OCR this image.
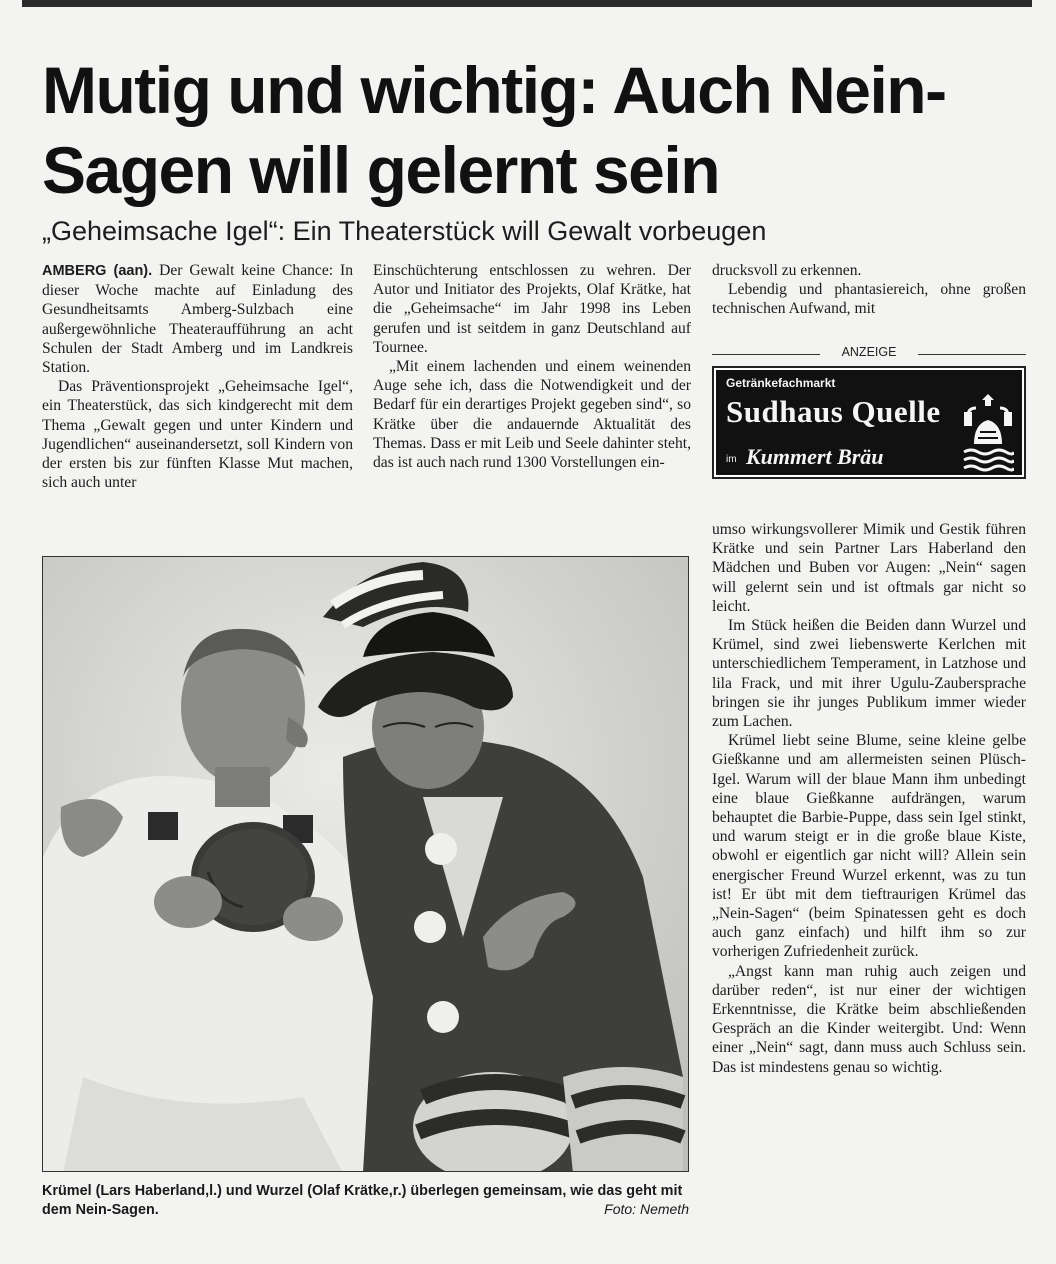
Mutig und wichtig: Auch Nein-Sagen will gelernt sein
„Geheimsache Igel“: Ein Theaterstück will Gewalt vorbeugen

AMBERG (aan). Der Gewalt keine Chance: In dieser Woche machte auf Einladung des Gesundheitsamts Amberg-Sulzbach eine außergewöhnliche Theateraufführung an acht Schulen der Stadt Amberg und im Landkreis Station.

Das Präventionsprojekt „Geheimsache Igel“, ein Theaterstück, das sich kindgerecht mit dem Thema „Gewalt gegen und unter Kindern und Jugendlichen“ auseinandersetzt, soll Kindern von der ersten bis zur fünften Klasse Mut machen, sich auch unter

Einschüchterung entschlossen zu wehren. Der Autor und Initiator des Projekts, Olaf Krätke, hat die „Geheimsache“ im Jahr 1998 ins Leben gerufen und ist seitdem in ganz Deutschland auf Tournee.

„Mit einem lachenden und einem weinenden Auge sehe ich, dass die Notwendigkeit und der Bedarf für ein derartiges Projekt gegeben sind“, so Krätke über die andauernde Aktualität des Themas. Dass er mit Leib und Seele dahinter steht, das ist auch nach rund 1300 Vorstellungen ein-

drucksvoll zu erkennen.

Lebendig und phantasiereich, ohne großen technischen Aufwand, mit

ANZEIGE
Getränkefachmarkt
Sudhaus Quelle
im Kummert Bräu

umso wirkungsvollerer Mimik und Gestik führen Krätke und sein Partner Lars Haberland den Mädchen und Buben vor Augen: „Nein“ sagen will gelernt sein und ist oftmals gar nicht so leicht.

Im Stück heißen die Beiden dann Wurzel und Krümel, sind zwei liebenswerte Kerlchen mit unterschiedlichem Temperament, in Latzhose und lila Frack, und mit ihrer Ugulu-Zaubersprache bringen sie ihr junges Publikum immer wieder zum Lachen.

Krümel liebt seine Blume, seine kleine gelbe Gießkanne und am allermeisten seinen Plüsch-Igel. Warum will der blaue Mann ihm unbedingt eine blaue Gießkanne aufdrängen, warum behauptet die Barbie-Puppe, dass sein Igel stinkt, und warum steigt er in die große blaue Kiste, obwohl er eigentlich gar nicht will? Allein sein energischer Freund Wurzel erkennt, was zu tun ist! Er übt mit dem tieftraurigen Krümel das „Nein-Sagen“ (beim Spinatessen geht es doch auch ganz einfach) und hilft ihm so zur vorherigen Zufriedenheit zurück.

„Angst kann man ruhig auch zeigen und darüber reden“, ist nur einer der wichtigen Erkenntnisse, die Krätke beim abschließenden Gespräch an die Kinder weitergibt. Und: Wenn einer „Nein“ sagt, dann muss auch Schluss sein. Das ist mindestens genau so wichtig.

Krümel (Lars Haberland,l.) und Wurzel (Olaf Krätke,r.) überlegen gemeinsam, wie das geht mit dem Nein-Sagen.	Foto: Nemeth
